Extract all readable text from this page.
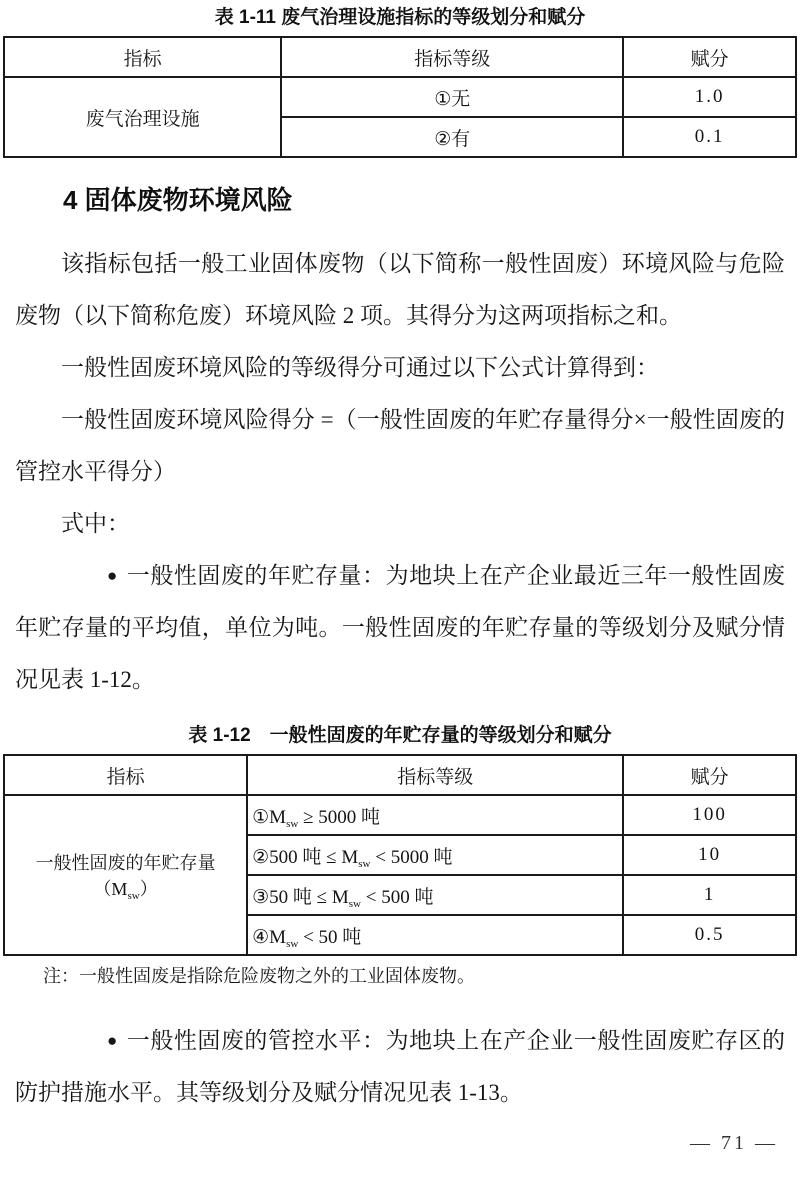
表 1-11 废气治理设施指标的等级划分和赋分
指标	指标等级	赋分
废气治理设施	①无	1.0
	②有	0.1
4 固体废物环境风险

该指标包括一般工业固体废物（以下简称一般性固废）环境风险与危险废物（以下简称危废）环境风险 2 项。其得分为这两项指标之和。

一般性固废环境风险的等级得分可通过以下公式计算得到：

一般性固废环境风险得分 =（一般性固废的年贮存量得分×一般性固废的管控水平得分）

式中：

● 一般性固废的年贮存量：为地块上在产企业最近三年一般性固废年贮存量的平均值，单位为吨。一般性固废的年贮存量的等级划分及赋分情况见表 1-12。

表 1-12　一般性固废的年贮存量的等级划分和赋分
指标	指标等级	赋分
一般性固废的年贮存量$(M_{sw})$	$①M_{sw} \ge 5000$ 吨	100
	②500 吨 ≤ $M_{sw} < 5000$ 吨	10
	③50 吨 ≤ $M_{sw} < 500$ 吨	1
	$④M_{sw} < 50$ 吨	0.5
注：一般性固废是指除危险废物之外的工业固体废物。

● 一般性固废的管控水平：为地块上在产企业一般性固废贮存区的防护措施水平。其等级划分及赋分情况见表 1-13。

— 71 —
